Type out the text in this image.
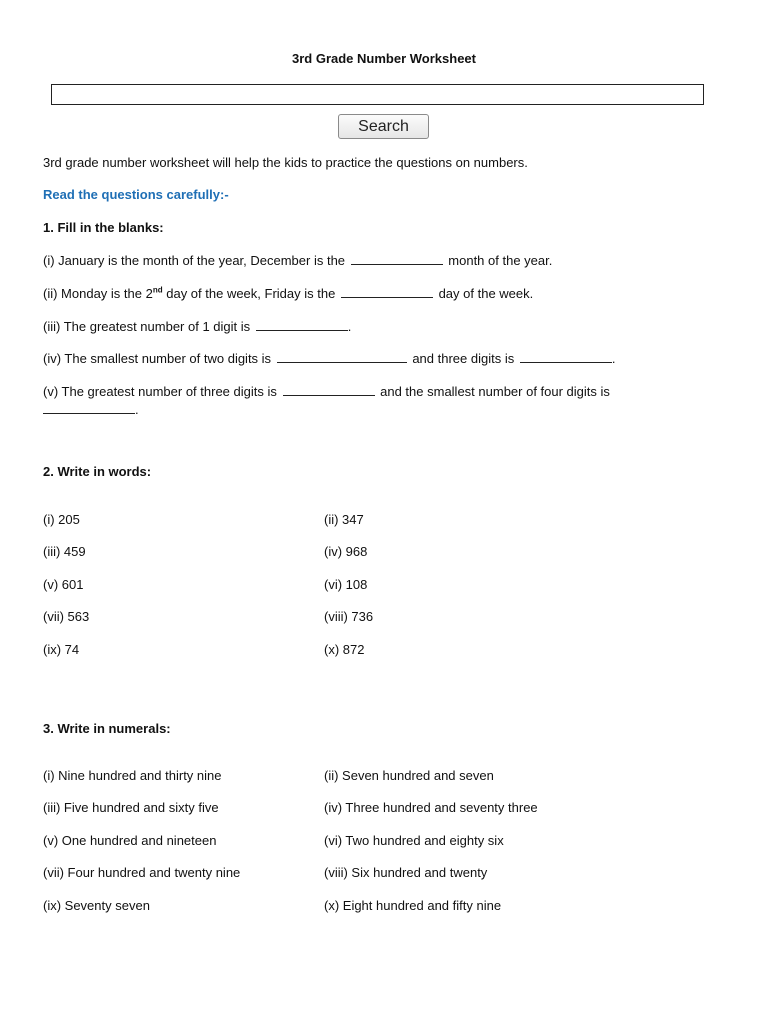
3rd Grade Number Worksheet
Search
3rd grade number worksheet will help the kids to practice the questions on numbers.
Read the questions carefully:-
1. Fill in the blanks:
(i) January is the month of the year, December is the	month of the year.
(ii) Monday is the 2nd day of the week, Friday is the	day of the week.
(iii) The greatest number of 1 digit is	.
(iv) The smallest number of two digits is	and three digits is	.
(v) The greatest number of three digits is	and the smallest number of four digits is
.
2. Write in words:
(i) 205	(ii) 347
(iii) 459	(iv) 968
(v) 601	(vi) 108
(vii) 563	(viii) 736
(ix) 74	(x) 872
3. Write in numerals:
(i) Nine hundred and thirty nine	(ii) Seven hundred and seven
(iii) Five hundred and sixty five	(iv) Three hundred and seventy three
(v) One hundred and nineteen	(vi) Two hundred and eighty six
(vii) Four hundred and twenty nine	(viii) Six hundred and twenty
(ix) Seventy seven	(x) Eight hundred and fifty nine
